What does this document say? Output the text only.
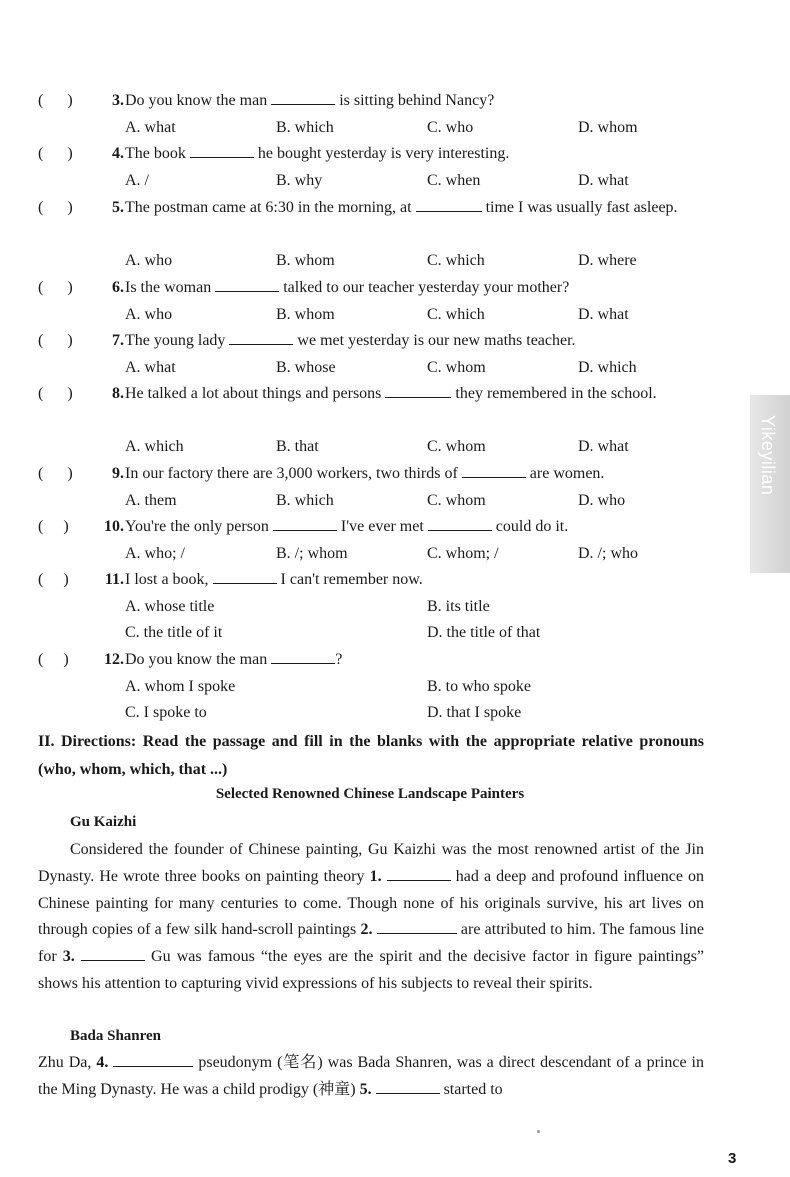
(      )	3. Do you know the man	is sitting behind Nancy?
A. what	B. which	C. who	D. whom
(      )	4. The book	he bought yesterday is very interesting.
A. /	B. why	C. when	D. what
(      )	5. The postman came at 6:30 in the morning, at	time I was usually fast asleep.
A. who	B. whom	C. which	D. where
(      )	6. Is the woman	talked to our teacher yesterday your mother?
A. who	B. whom	C. which	D. what
(      )	7. The young lady	we met yesterday is our new maths teacher.
A. what	B. whose	C. whom	D. which
(      )	8. He talked a lot about things and persons	they remembered in the school.
A. which	B. that	C. whom	D. what
(      )	9. In our factory there are 3,000 workers, two thirds of	are women.
A. them	B. which	C. whom	D. who
(     )	10. You're the only person	I've ever met	could do it.
A. who; /	B. /; whom	C. whom; /	D. /; who
(     )	11. I lost a book,	I can't remember now.
A. whose title	B. its title
C. the title of it	D. the title of that
(     )	12. Do you know the man	?
A. whom I spoke	B. to who spoke
C. I spoke to	D. that I spoke
II. Directions: Read the passage and fill in the blanks with the appropriate relative pronouns (who, whom, which, that ...)
Selected Renowned Chinese Landscape Painters
Gu Kaizhi
Considered the founder of Chinese painting, Gu Kaizhi was the most renowned artist of the Jin Dynasty. He wrote three books on painting theory 1.	had a deep and profound influence on Chinese painting for many centuries to come. Though none of his originals survive, his art lives on through copies of a few silk hand-scroll paintings 2.	are attributed to him. The famous line for 3.	Gu was famous “the eyes are the spirit and the decisive factor in figure paintings” shows his attention to capturing vivid expressions of his subjects to reveal their spirits.
Bada Shanren
Zhu Da, 4.	pseudonym (笔名) was Bada Shanren, was a direct descendant of a prince in the Ming Dynasty. He was a child prodigy (神童) 5.	started to
Yikeyilian
3
